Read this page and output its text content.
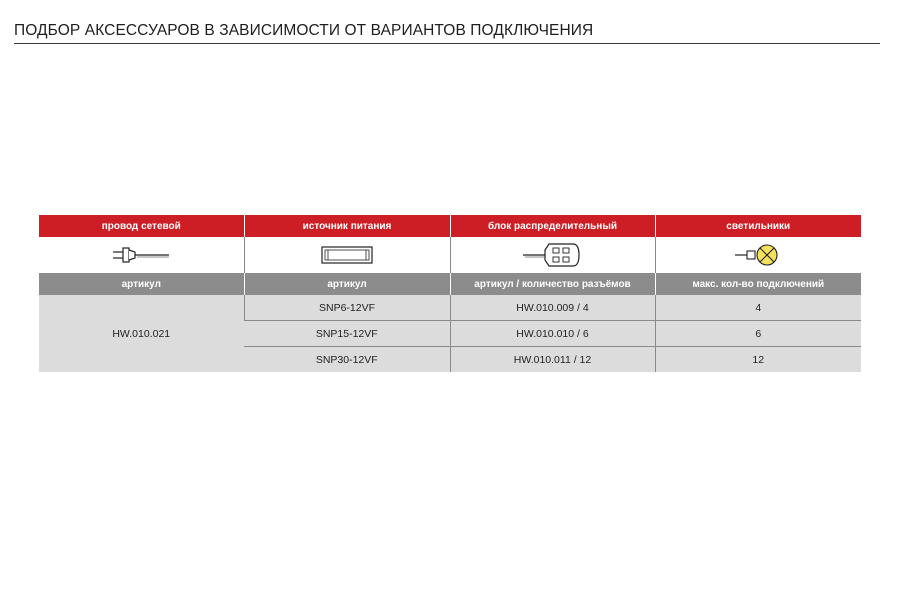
ПОДБОР АКСЕССУАРОВ В ЗАВИСИМОСТИ ОТ ВАРИАНТОВ ПОДКЛЮЧЕНИЯ
провод сетевой	источник питания	блок распределительный	светильники

артикул	артикул	артикул / количество разъёмов	макс. кол-во подключений
HW.010.021	SNP6-12VF	HW.010.009 / 4	4
	SNP15-12VF	HW.010.010 / 6	6
	SNP30-12VF	HW.010.011 / 12	12
